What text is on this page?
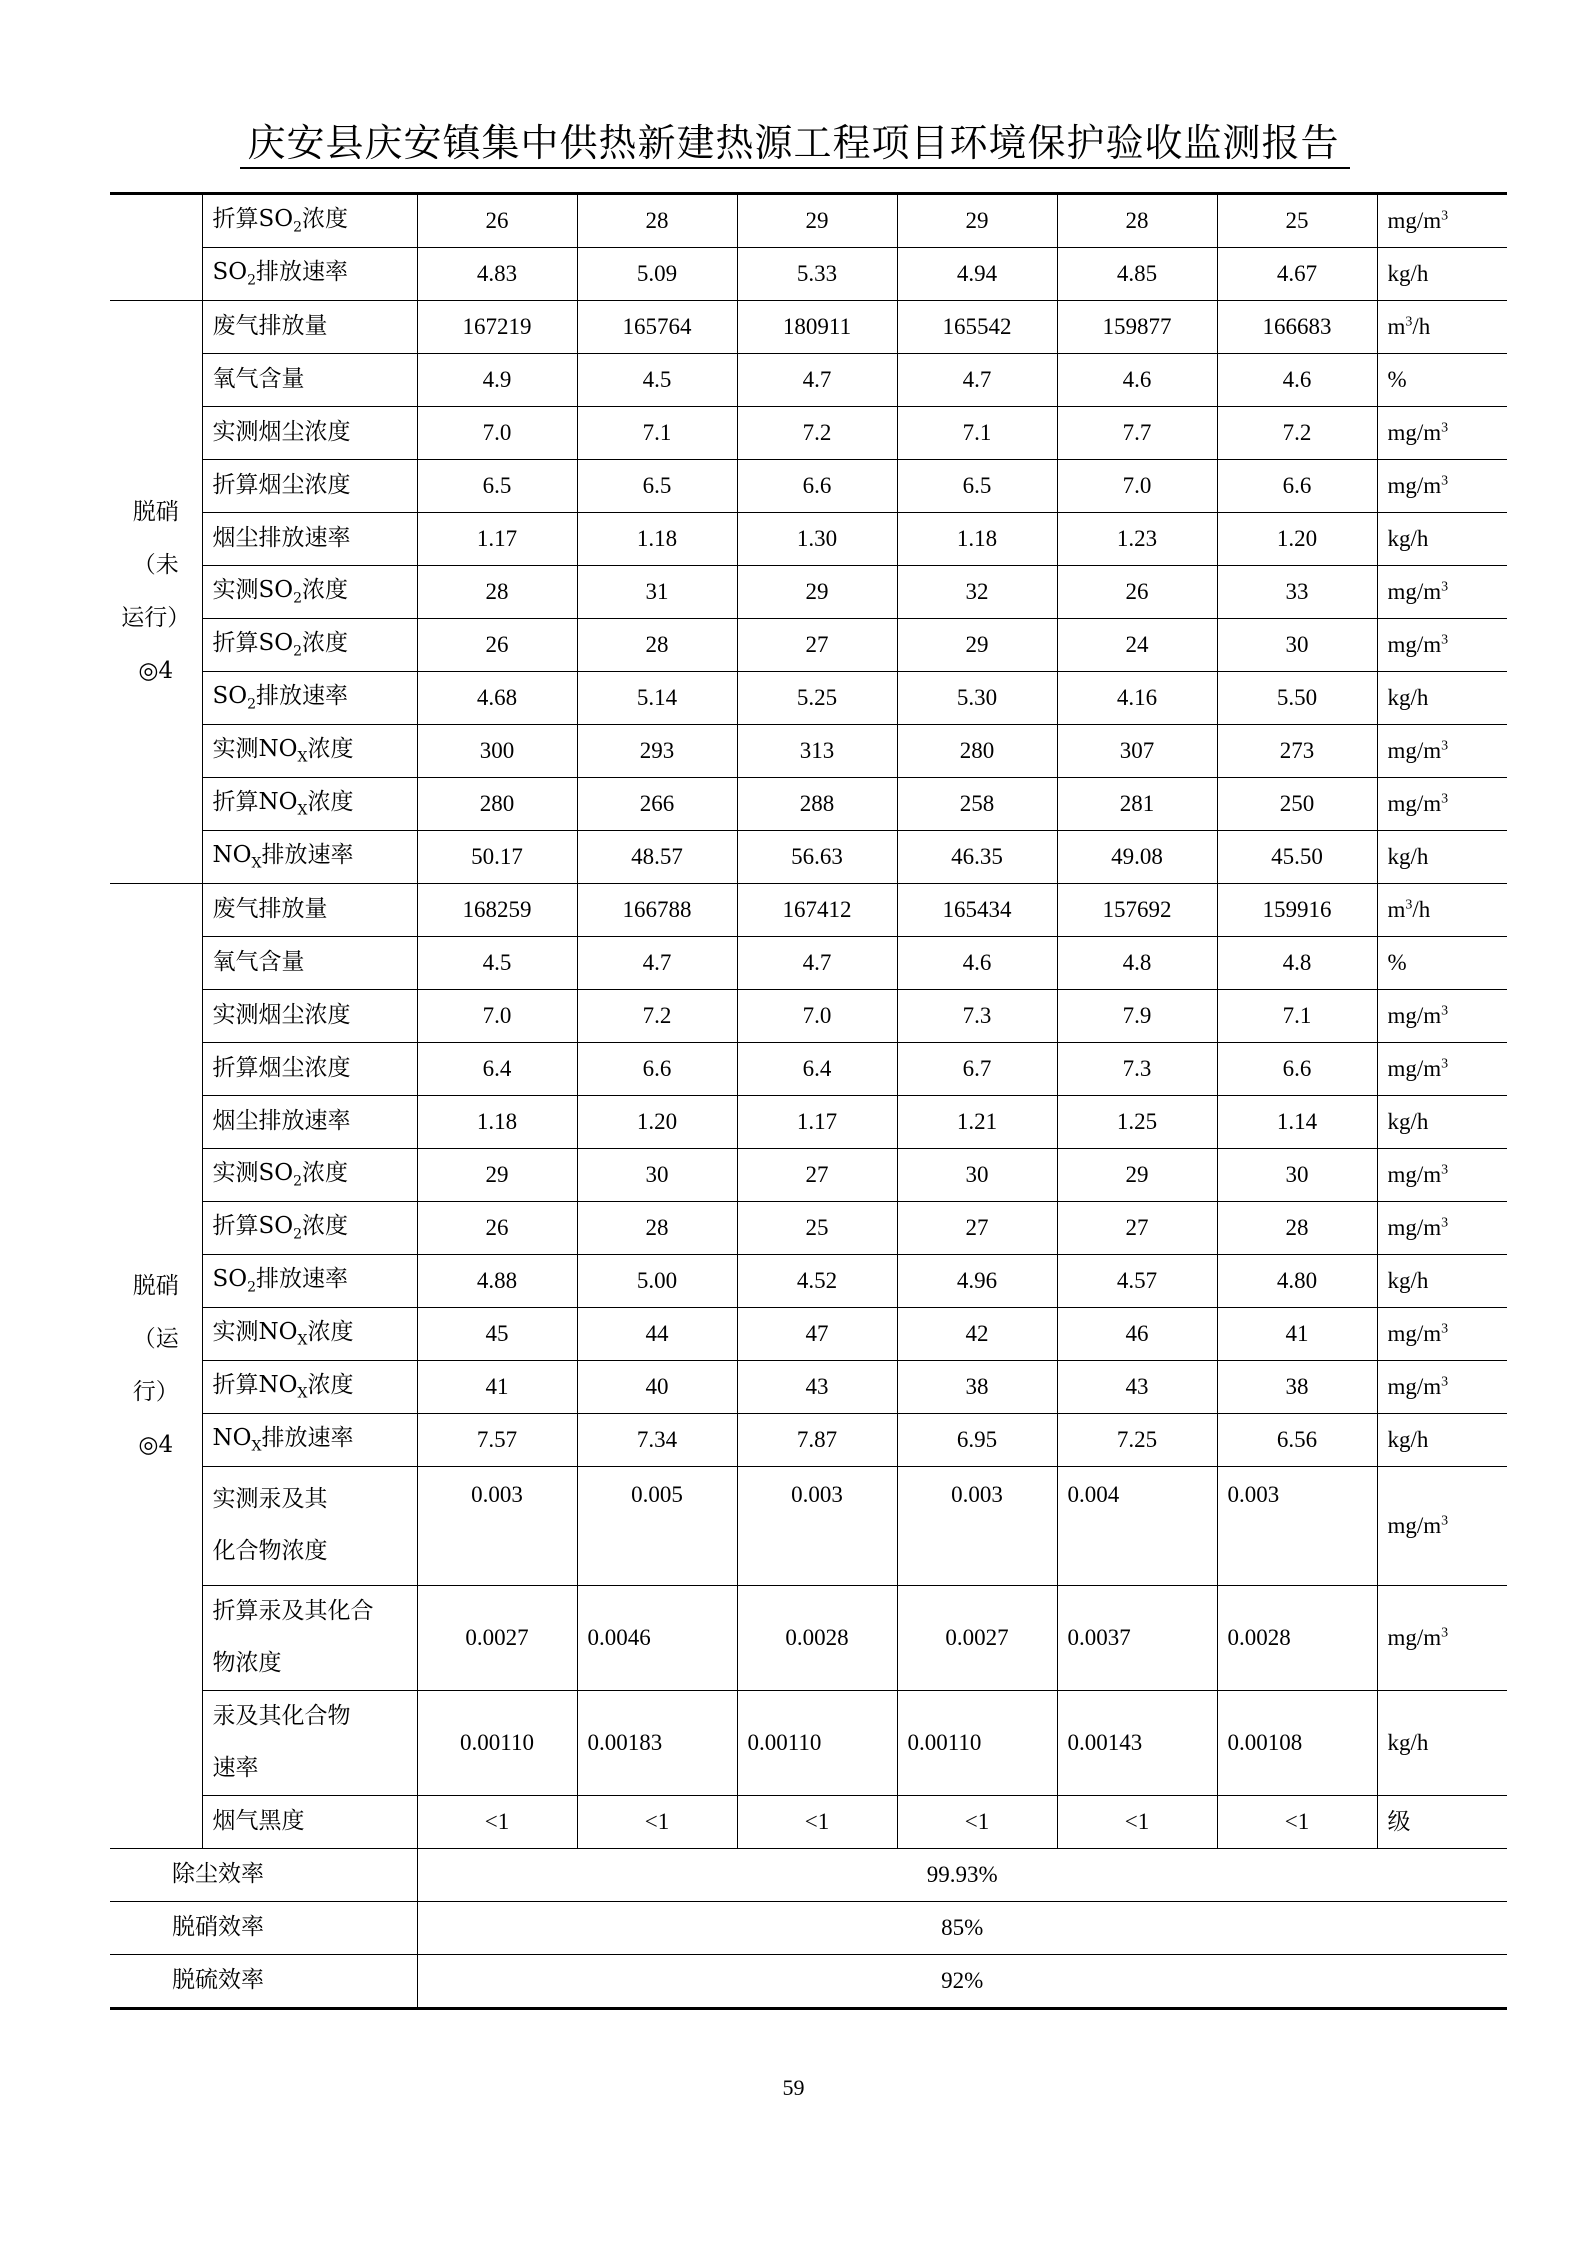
庆安县庆安镇集中供热新建热源工程项目环境保护验收监测报告
	折算$SO_2$浓度	26	28	29	29	28	25	$mg/m^3$
	$SO_2$排放速率	4.83	5.09	5.33	4.94	4.85	4.67	kg/h
脱硝
（未
运行）
◎4	废气排放量	167219	165764	180911	165542	159877	166683	$m^3/h$
	氧气含量	4.9	4.5	4.7	4.7	4.6	4.6	%
	实测烟尘浓度	7.0	7.1	7.2	7.1	7.7	7.2	$mg/m^3$
	折算烟尘浓度	6.5	6.5	6.6	6.5	7.0	6.6	$mg/m^3$
	烟尘排放速率	1.17	1.18	1.30	1.18	1.23	1.20	kg/h
	实测$SO_2$浓度	28	31	29	32	26	33	$mg/m^3$
	折算$SO_2$浓度	26	28	27	29	24	30	$mg/m^3$
	$SO_2$排放速率	4.68	5.14	5.25	5.30	4.16	5.50	kg/h
	实测$NO_X$浓度	300	293	313	280	307	273	$mg/m^3$
	折算$NO_X$浓度	280	266	288	258	281	250	$mg/m^3$
	$NO_X$排放速率	50.17	48.57	56.63	46.35	49.08	45.50	kg/h
脱硝
（运
行）
◎4	废气排放量	168259	166788	167412	165434	157692	159916	$m^3/h$
	氧气含量	4.5	4.7	4.7	4.6	4.8	4.8	%
	实测烟尘浓度	7.0	7.2	7.0	7.3	7.9	7.1	$mg/m^3$
	折算烟尘浓度	6.4	6.6	6.4	6.7	7.3	6.6	$mg/m^3$
	烟尘排放速率	1.18	1.20	1.17	1.21	1.25	1.14	kg/h
	实测$SO_2$浓度	29	30	27	30	29	30	$mg/m^3$
	折算$SO_2$浓度	26	28	25	27	27	28	$mg/m^3$
	$SO_2$排放速率	4.88	5.00	4.52	4.96	4.57	4.80	kg/h
	实测$NO_X$浓度	45	44	47	42	46	41	$mg/m^3$
	折算$NO_X$浓度	41	40	43	38	43	38	$mg/m^3$
	$NO_X$排放速率	7.57	7.34	7.87	6.95	7.25	6.56	kg/h
	实测汞及其
化合物浓度	0.003	0.005	0.003	0.003	0.004	0.003	$mg/m^3$
	折算汞及其化合
物浓度	0.0027	0.0046	0.0028	0.0027	0.0037	0.0028	$mg/m^3$
	汞及其化合物
速率	0.00110	0.00183	0.00110	0.00110	0.00143	0.00108	kg/h
	烟气黑度	<1	<1	<1	<1	<1	<1	级
除尘效率		99.93%						
脱硝效率		85%						
脱硫效率		92%						
59
